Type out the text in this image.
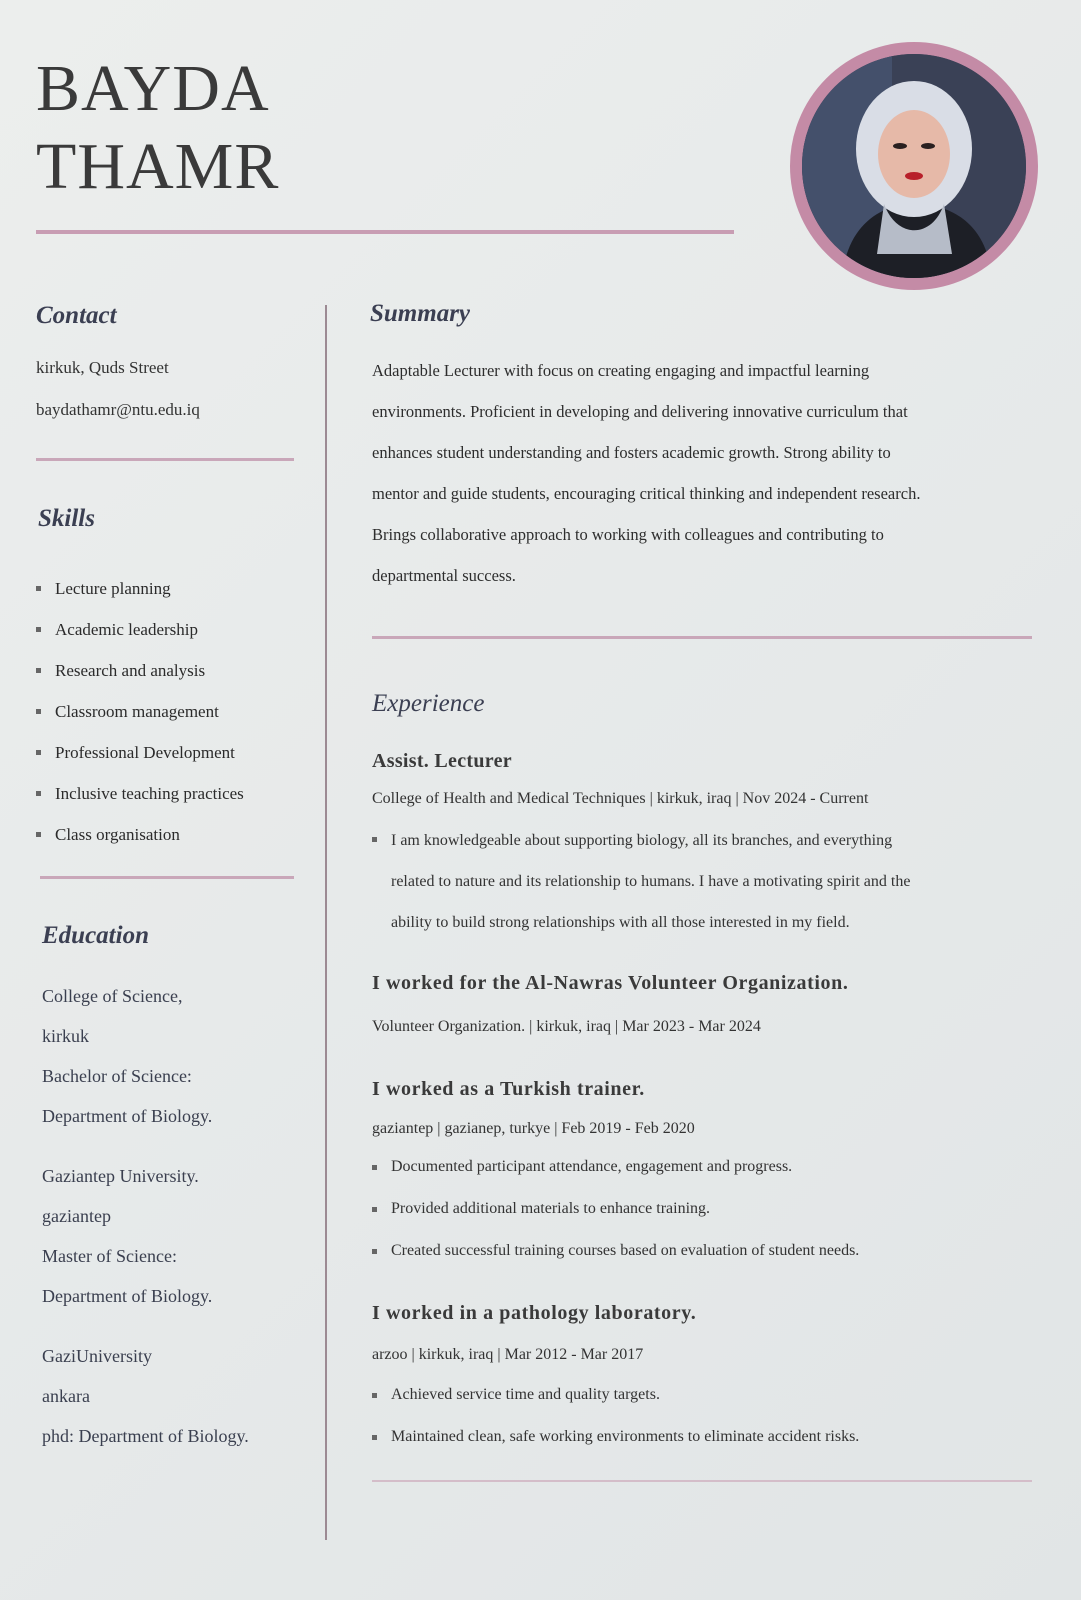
BAYDA
THAMR
Contact
kirkuk, Quds Street
baydathamr@ntu.edu.iq
Skills
Lecture planning
Academic leadership
Research and analysis
Classroom management
Professional Development
Inclusive teaching practices
Class organisation
Education
College of Science,
kirkuk
Bachelor of Science:
Department of Biology.
Gaziantep University.
gaziantep
Master of Science:
Department of Biology.
GaziUniversity
ankara
phd: Department of Biology.
Summary
Adaptable Lecturer with focus on creating engaging and impactful learning
environments. Proficient in developing and delivering innovative curriculum that
enhances student understanding and fosters academic growth. Strong ability to
mentor and guide students, encouraging critical thinking and independent research.
Brings collaborative approach to working with colleagues and contributing to
departmental success.
Experience
Assist. Lecturer
College of Health and Medical Techniques | kirkuk, iraq | Nov 2024 - Current
I am knowledgeable about supporting biology, all its branches, and everything
related to nature and its relationship to humans. I have a motivating spirit and the
ability to build strong relationships with all those interested in my field.
I worked for the Al-Nawras Volunteer Organization.
Volunteer Organization. | kirkuk, iraq | Mar 2023 - Mar 2024
I worked as a Turkish trainer.
gaziantep | gazianep, turkye | Feb 2019 - Feb 2020
Documented participant attendance, engagement and progress.
Provided additional materials to enhance training.
Created successful training courses based on evaluation of student needs.
I worked in a pathology laboratory.
arzoo | kirkuk, iraq | Mar 2012 - Mar 2017
Achieved service time and quality targets.
Maintained clean, safe working environments to eliminate accident risks.
